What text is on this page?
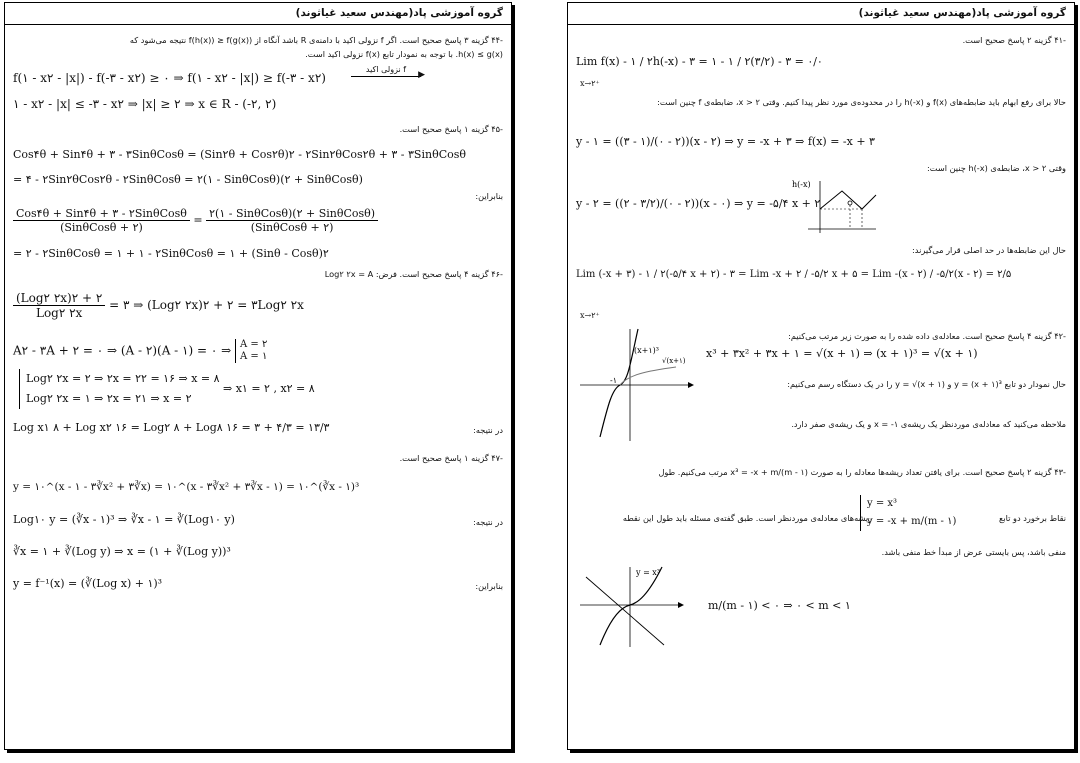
گروه آموزشی پاد(مهندس سعید غیاثوند)
-۴۴ گزینه ۳ پاسخ صحیح است. اگر f نزولی اکید با دامنه‌ی R باشد آنگاه از f(h(x)) ≥ f(g(x)) نتیجه می‌شود که
h(x) ≤ g(x). با توجه به نمودار تابع f(x) نزولی اکید است.
f(۱ - x۲ - |x|) - f(-۳ - x۲) ≥ ۰ ⇒ f(۱ - x۲ - |x|) ≥ f(-۳ - x۲)
f نزولی اکید
▶
۱ - x۲ - |x| ≤ -۳ - x۲ ⇒ |x| ≥ ۲ ⇒ x ∈ R - (-۲, ۲)
-۴۵ گزینه ۱ پاسخ صحیح است.
Cos۴θ + Sin۴θ + ۳ - ۳SinθCosθ = (Sin۲θ + Cos۲θ)۲ - ۲Sin۲θCos۲θ + ۳ - ۳SinθCosθ
= ۴ - ۲Sin۲θCos۲θ - ۲SinθCosθ = ۲(۱ - SinθCosθ)(۲ + SinθCosθ)
بنابراین:
$\frac{\text{Cos۴θ + Sin۴θ + ۳ - ۲SinθCosθ}}{\text{(SinθCosθ + ۲)}} = \frac{\text{۲(۱ - SinθCosθ)(۲ + SinθCosθ)}}{\text{(SinθCosθ + ۲)}}$
= ۲ - ۲SinθCosθ = ۱ + ۱ - ۲SinθCosθ = ۱ + (Sinθ - Cosθ)۲
-۴۶ گزینه ۴ پاسخ صحیح است. فرض: Log۲ ۲x = A
$\frac{\text{(Log۲ ۲x)۲ + ۲}}{\text{Log۲ ۲x}}$ = ۳ ⇒ (Log۲ ۲x)۲ + ۲ = ۳Log۲ ۲x
A۲ - ۳A + ۲ = ۰ ⇒ (A - ۲)(A - ۱) = ۰ ⇒ A = ۲
A = ۱
Log۲ ۲x = ۲ ⇒ ۲x = ۲۲ = ۱۶ ⇒ x = ۸
Log۲ ۲x = ۱ ⇒ ۲x = ۲۱ ⇒ x = ۲
⇒ x۱ = ۲ , x۲ = ۸
در نتیجه:
Log x۱ ۸ + Log x۲ ۱۶ = Log۲ ۸ + Log۸ ۱۶ = ۳ + ۴/۳ = ۱۳/۳
-۴۷ گزینه ۱ پاسخ صحیح است.
y = ۱۰^(x - ۱ - ۳∛x² + ۳∛x) = ۱۰^(x - ۳∛x² + ۳∛x - ۱) = ۱۰^(∛x - ۱)³
در نتیجه:
Log۱۰ y = (∛x - ۱)³ ⇒ ∛x - ۱ = ∛(Log۱۰ y)
∛x = ۱ + ∛(Log y) ⇒ x = (۱ + ∛(Log y))³
بنابراین:
y = f⁻¹(x) = (∛(Log x) + ۱)³
گروه آموزشی پاد(مهندس سعید غیاثوند)
-۴۱ گزینه ۲ پاسخ صحیح است.
Lim f(x) - ۱ / ۲h(-x) - ۳ = ۱ - ۱ / ۲(۳/۲) - ۳ = ۰/۰
x→۲⁺
حالا برای رفع ابهام باید ضابطه‌های f(x) و h(-x) را در محدوده‌ی مورد نظر پیدا کنیم. وقتی ۲ < x، ضابطه‌ی f چنین است:
y - ۱ = ((۳ - ۱)/(۰ - ۲))(x - ۲) ⇒ y = -x + ۳ ⇒ f(x) = -x + ۳
وقتی ۲ < x، ضابطه‌ی h(-x) چنین است:
y - ۲ = ((۲ - ۳/۲)/(۰ - ۲))(x - ۰) ⇒ y = -۵/۴ x + ۲
h(-x)
حال این ضابطه‌ها در حد اصلی قرار می‌گیرند:
Lim (-x + ۳) - ۱ / ۲(-۵/۴ x + ۲) - ۳ = Lim -x + ۲ / -۵/۲ x + ۵ = Lim -(x - ۲) / -۵/۲(x - ۲) = ۲/۵
x→۲⁺
-۴۲ گزینه ۴ پاسخ صحیح است. معادله‌ی داده شده را به صورت زیر مرتب می‌کنیم:
x³ + ۳x² + ۳x + ۱ = √(x + ۱) ⇒ (x + ۱)³ = √(x + ۱)
(x+۱)³
√(x+۱)
-۱	حال نمودار دو تابع y = (x + ۱)³ و y = √(x + ۱) را در یک دستگاه رسم می‌کنیم:
ملاحظه می‌کنید که معادله‌ی موردنظر یک ریشه‌ی ۱- = x و یک ریشه‌ی صفر دارد.
-۴۳ گزینه ۲ پاسخ صحیح است. برای یافتن تعداد ریشه‌ها معادله را به صورت x³ = -x + m/(m - ۱) مرتب می‌کنیم. طول
نقاط برخورد دو تابع
y = x³
y = -x + m/(m - ۱)
ریشه‌های معادله‌ی موردنظر است. طبق گفته‌ی مسئله باید طول این نقطه
منفی باشد، پس بایستی عرض از مبدأ خط منفی باشد.
y = x³
m/(m - ۱) < ۰ ⇒ ۰ < m < ۱
